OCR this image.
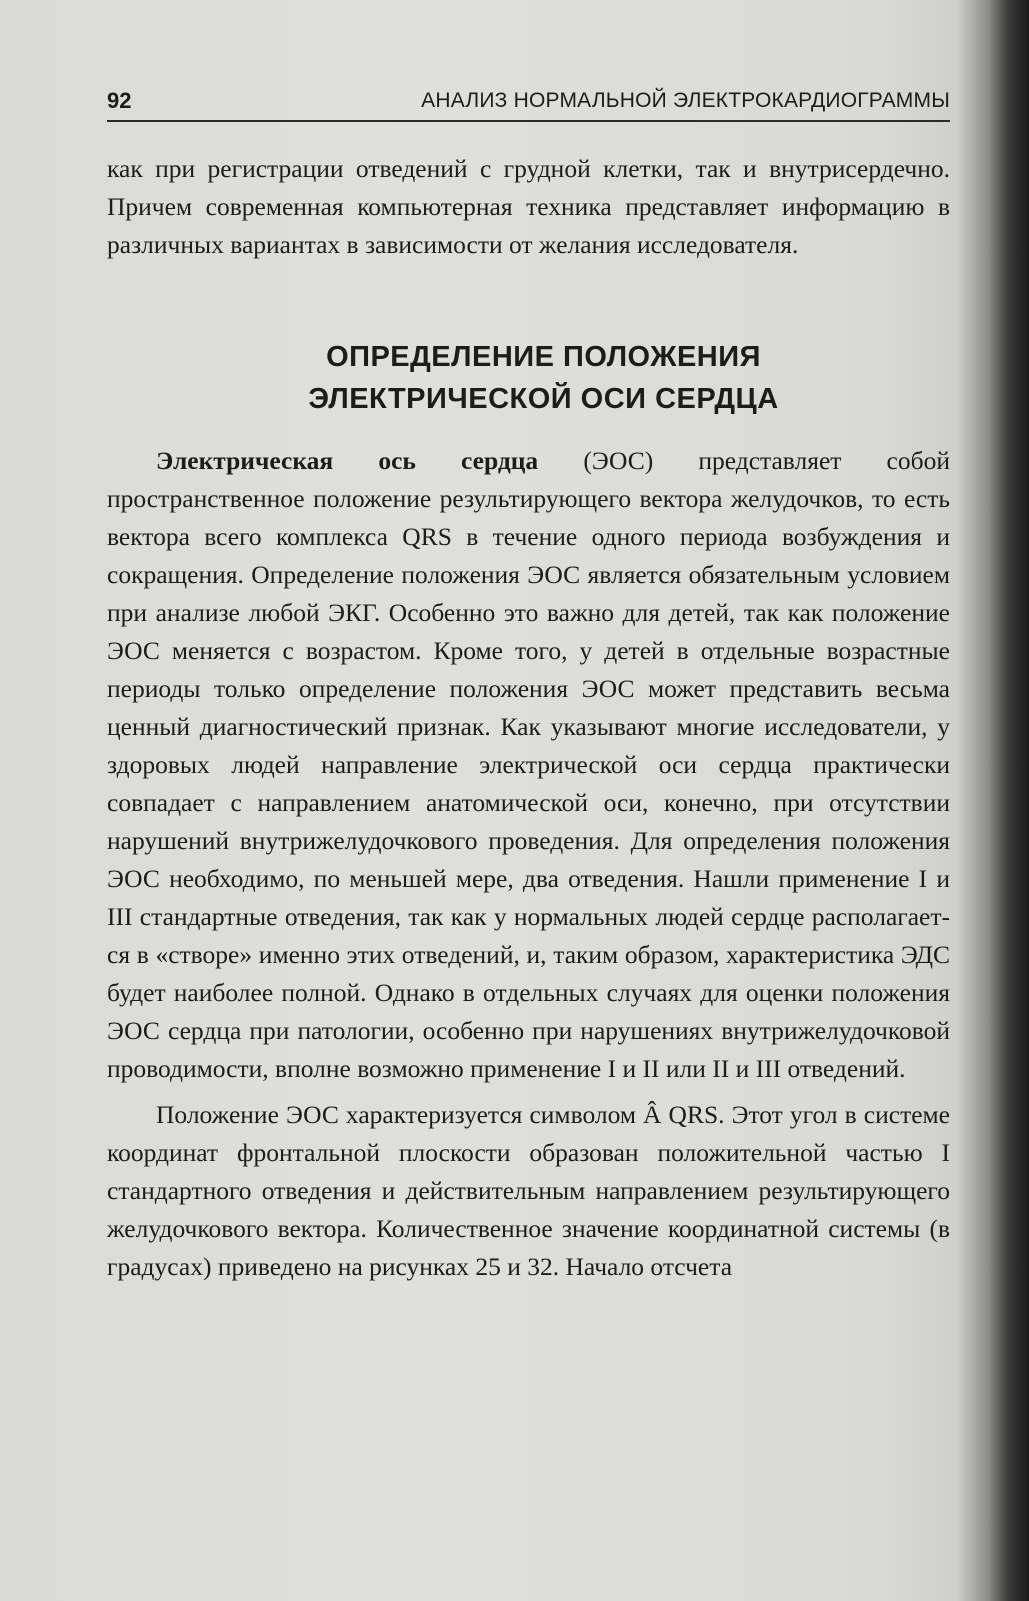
92	АНАЛИЗ НОРМАЛЬНОЙ ЭЛЕКТРОКАРДИОГРАММЫ

как при регистрации отведений с грудной клетки, так и внутрисердечно. Причем современная компьютерная техника представляет информацию в различных вариантах в зависимости от желания исследователя.

ОПРЕДЕЛЕНИЕ ПОЛОЖЕНИЯ
ЭЛЕКТРИЧЕСКОЙ ОСИ СЕРДЦА

Электрическая ось сердца (ЭОС) представляет собой пространственное положение результирующего вектора желудочков, то есть вектора всего комплекса QRS в течение одного периода возбуждения и сокращения. Определение положения ЭОС является обязательным условием при анализе любой ЭКГ. Особенно это важно для детей, так как положение ЭОС меняется с возрастом. Кроме того, у детей в отдельные возрастные периоды только определение положения ЭОС может представить весьма ценный диагностический признак. Как указывают многие исследователи, у здоровых людей направление электрической оси сердца практически совпадает с направлением анатомической оси, конечно, при отсутствии нарушений внутрижелудочкового проведения. Для определения положения ЭОС необходимо, по меньшей мере, два отведения. Нашли применение I и III стандартные отведения, так как у нормальных людей сердце располагается в «створе» именно этих отведений, и, таким образом, характеристика ЭДС будет наиболее полной. Однако в отдельных случаях для оценки положения ЭОС сердца при патологии, особенно при нарушениях внутрижелудочковой проводимости, вполне возможно применение I и II или II и III отведений.

Положение ЭОС характеризуется символом Â QRS. Этот угол в системе координат фронтальной плоскости образован положительной частью I стандартного отведения и действительным направлением результирующего желудочкового вектора. Количественное значение координатной системы (в градусах) приведено на рисунках 25 и 32. Начало отсчета
